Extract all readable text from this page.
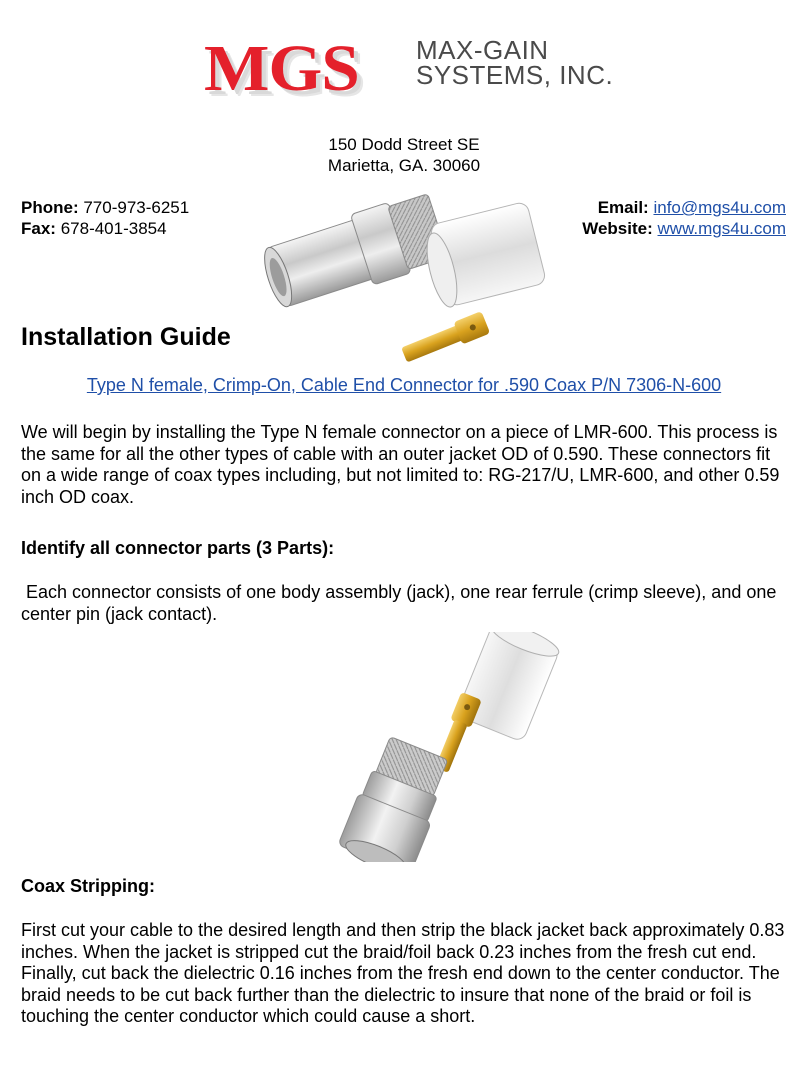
MGS MAX-GAIN
SYSTEMS, INC.
150 Dodd Street SE
Marietta, GA. 30060
Phone: 770-973-6251
Fax: 678-401-3854
Email: info@mgs4u.com
Website: www.mgs4u.com
Installation Guide
Type N female, Crimp-On, Cable End Connector for .590 Coax P/N 7306-N-600
We will begin by installing the Type N female connector on a piece of LMR-600. This process is the same for all the other types of cable with an outer jacket OD of 0.590. These connectors fit on a wide range of coax types including, but not limited to: RG-217/U, LMR-600, and other 0.59 inch OD coax.
Identify all connector parts (3 Parts):
Each connector consists of one body assembly (jack), one rear ferrule (crimp sleeve), and one center pin (jack contact).
Coax Stripping:
First cut your cable to the desired length and then strip the black jacket back approximately 0.83 inches. When the jacket is stripped cut the braid/foil back 0.23 inches from the fresh cut end. Finally, cut back the dielectric 0.16 inches from the fresh end down to the center conductor. The braid needs to be cut back further than the dielectric to insure that none of the braid or foil is touching the center conductor which could cause a short.
